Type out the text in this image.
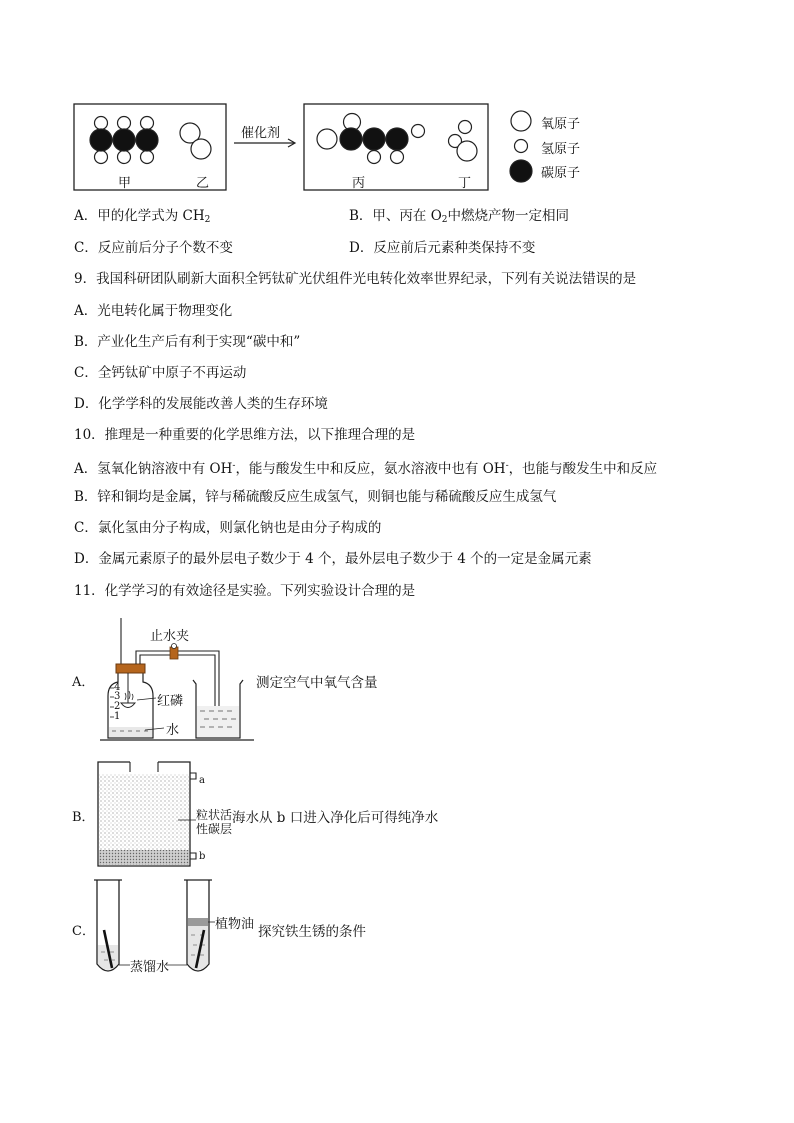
甲	乙
催化剂
丙	丁
氧原子
氢原子
碳原子
A．甲的化学式为 $CH_2$	B．甲、丙在 $O_2$中燃烧产物一定相同
C．反应前后分子个数不变	D．反应前后元素种类保持不变
9．我国科研团队刷新大面积全钙钛矿光伏组件光电转化效率世界纪录，下列有关说法错误的是
A．光电转化属于物理变化
B．产业化生产后有利于实现“碳中和”
C．全钙钛矿中原子不再运动
D．化学学科的发展能改善人类的生存环境
10．推理是一种重要的化学思维方法，以下推理合理的是
A．氢氧化钠溶液中有 OH-，能与酸发生中和反应，氨水溶液中也有 OH-，也能与酸发生中和反应
B．锌和铜均是金属，锌与稀硫酸反应生成氢气，则铜也能与稀硫酸反应生成氢气
C．氯化氢由分子构成，则氯化钠也是由分子构成的
D．金属元素原子的最外层电子数少于 4 个，最外层电子数少于 4 个的一定是金属元素
11．化学学习的有效途径是实验。下列实验设计合理的是
A．
止水夹
4
3
2
1
红磷
水
测定空气中氧气含量
B．
a
b
粒状活
性碳层
海水从 b 口进入净化后可得纯净水
C．	植物油
蒸馏水
探究铁生锈的条件
